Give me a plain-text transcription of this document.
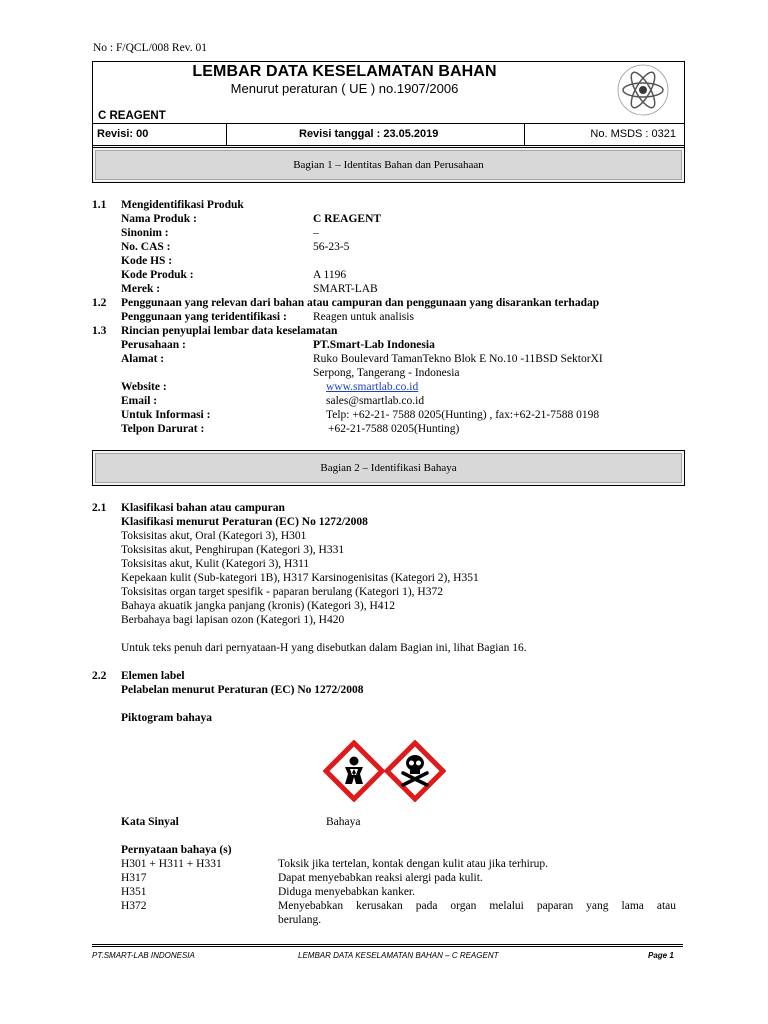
No : F/QCL/008 Rev. 01
LEMBAR DATA KESELAMATAN BAHAN
Menurut peraturan ( UE ) no.1907/2006
C REAGENT
Revisi: 00	Revisi tanggal : 23.05.2019	No. MSDS : 0321
Bagian 1 – Identitas Bahan dan Perusahaan
1.1 Mengidentifikasi Produk
Nama Produk :	C REAGENT
Sinonim :	–
No. CAS :	56-23-5
Kode HS :
Kode Produk :	A 1196
Merek :	SMART-LAB
1.2 Penggunaan yang relevan dari bahan atau campuran dan penggunaan yang disarankan terhadap
Penggunaan yang teridentifikasi : Reagen untuk analisis
1.3 Rincian penyuplai lembar data keselamatan
Perusahaan :	PT.Smart-Lab Indonesia
Alamat :	Ruko Boulevard TamanTekno Blok E No.10 -11BSD SektorXI
Serpong, Tangerang - Indonesia
Website :	www.smartlab.co.id
Email :	sales@smartlab.co.id
Untuk Informasi :	Telp: +62-21- 7588 0205(Hunting) , fax:+62-21-7588 0198
Telpon Darurat :	+62-21-7588 0205(Hunting)
Bagian 2 – Identifikasi Bahaya
2.1 Klasifikasi bahan atau campuran
Klasifikasi menurut Peraturan (EC) No 1272/2008
Toksisitas akut, Oral (Kategori 3), H301
Toksisitas akut, Penghirupan (Kategori 3), H331
Toksisitas akut, Kulit (Kategori 3), H311
Kepekaan kulit (Sub-kategori 1B), H317 Karsinogenisitas (Kategori 2), H351
Toksisitas organ target spesifik - paparan berulang (Kategori 1), H372
Bahaya akuatik jangka panjang (kronis) (Kategori 3), H412
Berbahaya bagi lapisan ozon (Kategori 1), H420
Untuk teks penuh dari pernyataan-H yang disebutkan dalam Bagian ini, lihat Bagian 16.
2.2 Elemen label
Pelabelan menurut Peraturan (EC) No 1272/2008
Piktogram bahaya
Kata Sinyal	Bahaya
Pernyataan bahaya (s)
H301 + H311 + H331	Toksik jika tertelan, kontak dengan kulit atau jika terhirup.
H317	Dapat menyebabkan reaksi alergi pada kulit.
H351	Diduga menyebabkan kanker.
H372	Menyebabkan kerusakan pada organ melalui paparan yang lama atau
berulang.
PT.SMART-LAB INDONESIA	LEMBAR DATA KESELAMATAN BAHAN – C REAGENT	Page 1
